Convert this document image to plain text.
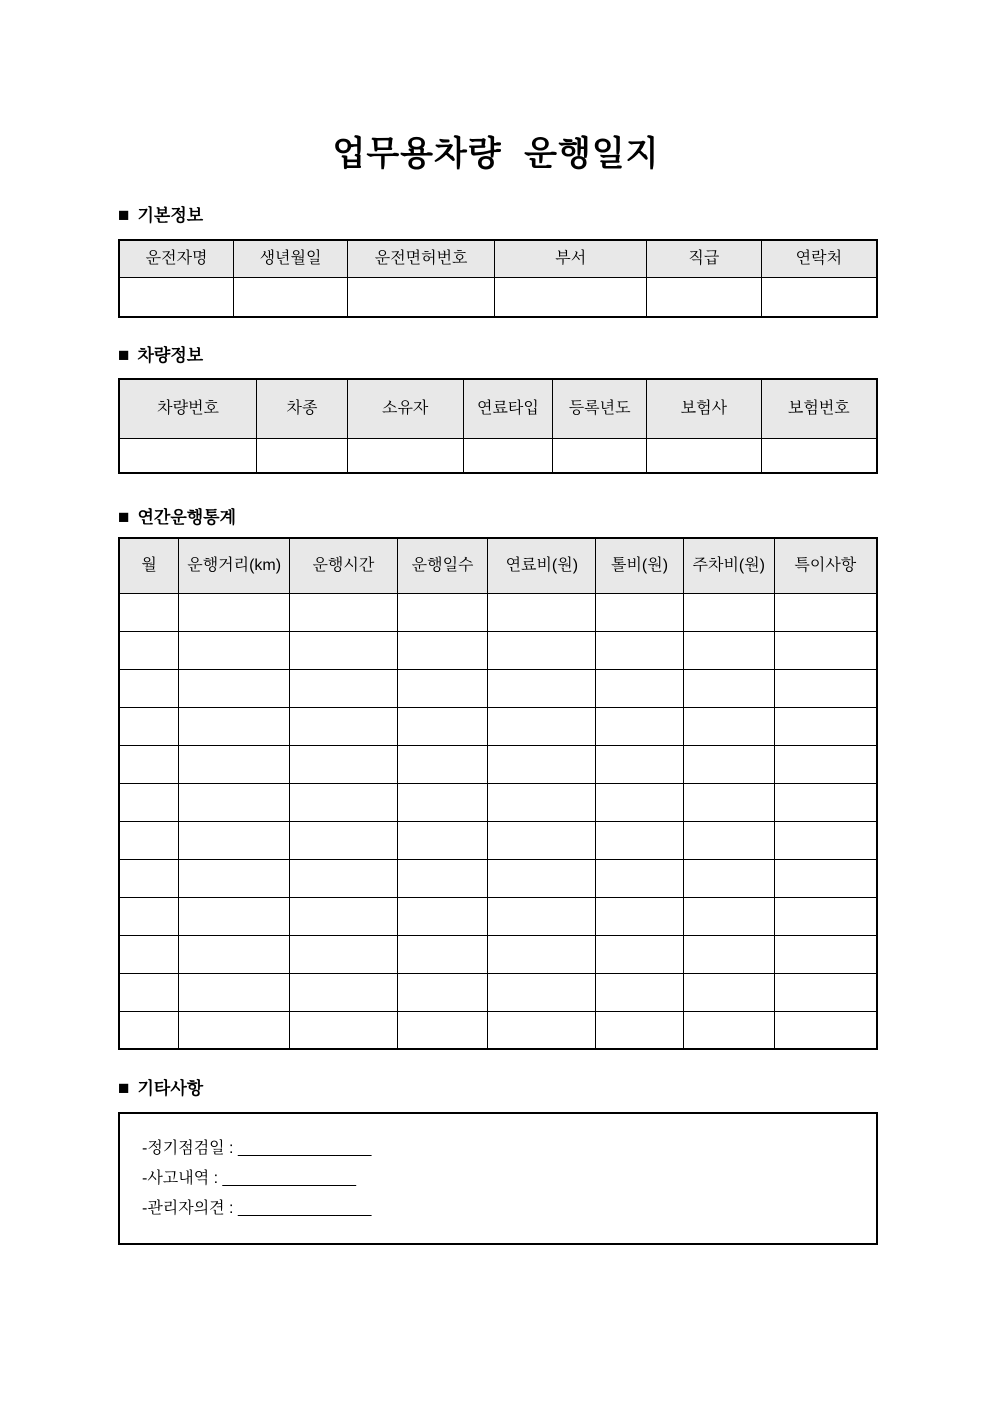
업무용차량 운행일지
■ 기본정보
운전자명	생년월일	운전면허번호	부서	직급	연락처

■ 차량정보
차량번호	차종	소유자	연료타입	등록년도	보험사	보험번호

■ 연간운행통계
월	운행거리(km)	운행시간	운행일수	연료비(원)	톨비(원)	주차비(원)	특이사항

■ 기타사항
-정기점검일 : _______________
-사고내역 : _______________
-관리자의견 : _______________
